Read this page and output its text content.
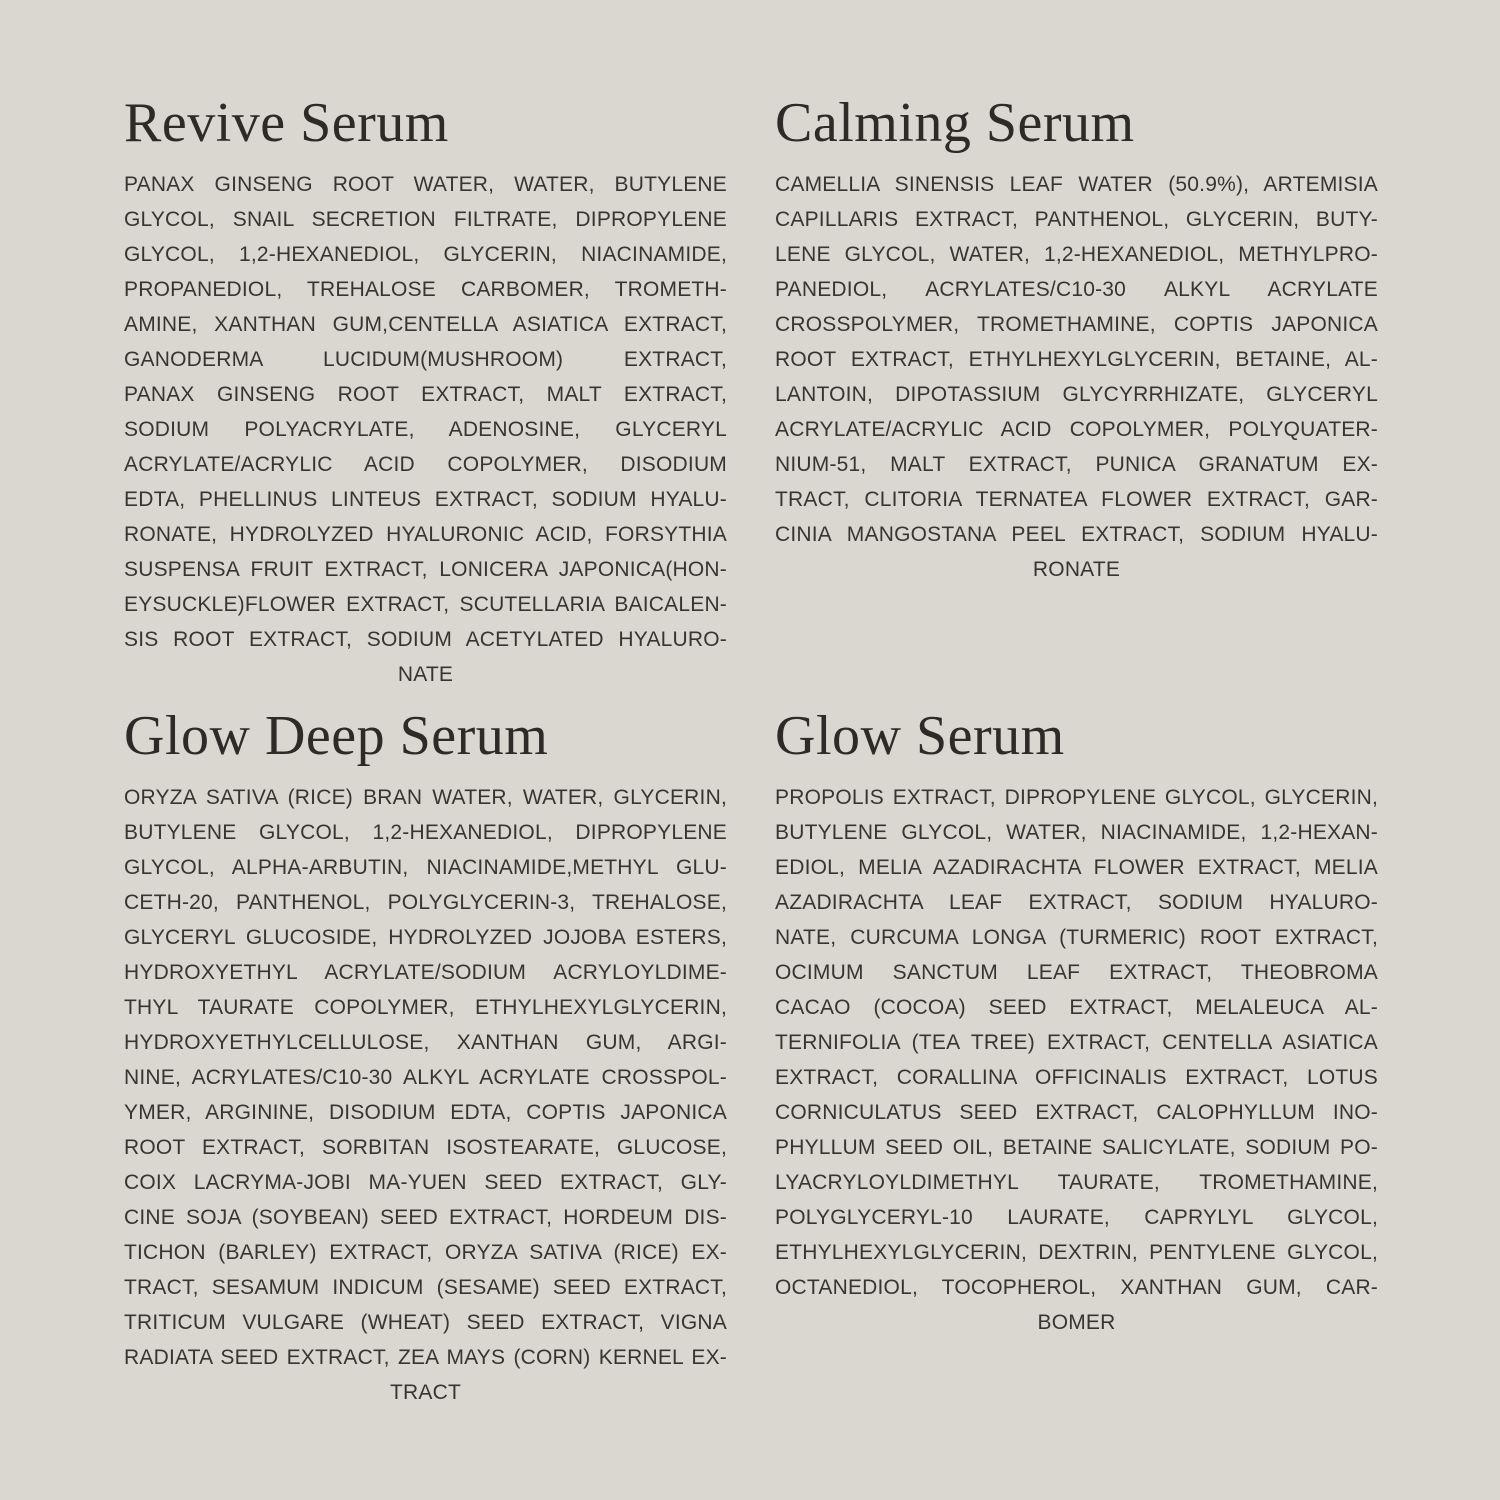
Revive Serum
PANAX GINSENG ROOT WATER, WATER, BUTYLENE
GLYCOL, SNAIL SECRETION FILTRATE, DIPROPYLENE
GLYCOL, 1,2-HEXANEDIOL, GLYCERIN, NIACINAMIDE,
PROPANEDIOL, TREHALOSE CARBOMER, TROMETH-
AMINE, XANTHAN GUM,CENTELLA ASIATICA EXTRACT,
GANODERMA LUCIDUM(MUSHROOM) EXTRACT,
PANAX GINSENG ROOT EXTRACT, MALT EXTRACT,
SODIUM POLYACRYLATE, ADENOSINE, GLYCERYL
ACRYLATE/ACRYLIC ACID COPOLYMER, DISODIUM
EDTA, PHELLINUS LINTEUS EXTRACT, SODIUM HYALU-
RONATE, HYDROLYZED HYALURONIC ACID, FORSYTHIA
SUSPENSA FRUIT EXTRACT, LONICERA JAPONICA(HON-
EYSUCKLE)FLOWER EXTRACT, SCUTELLARIA BAICALEN-
SIS ROOT EXTRACT, SODIUM ACETYLATED HYALURO-
NATE
Calming Serum
CAMELLIA SINENSIS LEAF WATER (50.9%), ARTEMISIA
CAPILLARIS EXTRACT, PANTHENOL, GLYCERIN, BUTY-
LENE GLYCOL, WATER, 1,2-HEXANEDIOL, METHYLPRO-
PANEDIOL, ACRYLATES/C10-30 ALKYL ACRYLATE
CROSSPOLYMER, TROMETHAMINE, COPTIS JAPONICA
ROOT EXTRACT, ETHYLHEXYLGLYCERIN, BETAINE, AL-
LANTOIN, DIPOTASSIUM GLYCYRRHIZATE, GLYCERYL
ACRYLATE/ACRYLIC ACID COPOLYMER, POLYQUATER-
NIUM-51, MALT EXTRACT, PUNICA GRANATUM EX-
TRACT, CLITORIA TERNATEA FLOWER EXTRACT, GAR-
CINIA MANGOSTANA PEEL EXTRACT, SODIUM HYALU-
RONATE
Glow Deep Serum
ORYZA SATIVA (RICE) BRAN WATER, WATER, GLYCERIN,
BUTYLENE GLYCOL, 1,2-HEXANEDIOL, DIPROPYLENE
GLYCOL, ALPHA-ARBUTIN, NIACINAMIDE,METHYL GLU-
CETH-20, PANTHENOL, POLYGLYCERIN-3, TREHALOSE,
GLYCERYL GLUCOSIDE, HYDROLYZED JOJOBA ESTERS,
HYDROXYETHYL ACRYLATE/SODIUM ACRYLOYLDIME-
THYL TAURATE COPOLYMER, ETHYLHEXYLGLYCERIN,
HYDROXYETHYLCELLULOSE, XANTHAN GUM, ARGI-
NINE, ACRYLATES/C10-30 ALKYL ACRYLATE CROSSPOL-
YMER, ARGININE, DISODIUM EDTA, COPTIS JAPONICA
ROOT EXTRACT, SORBITAN ISOSTEARATE, GLUCOSE,
COIX LACRYMA-JOBI MA-YUEN SEED EXTRACT, GLY-
CINE SOJA (SOYBEAN) SEED EXTRACT, HORDEUM DIS-
TICHON (BARLEY) EXTRACT, ORYZA SATIVA (RICE) EX-
TRACT, SESAMUM INDICUM (SESAME) SEED EXTRACT,
TRITICUM VULGARE (WHEAT) SEED EXTRACT, VIGNA
RADIATA SEED EXTRACT, ZEA MAYS (CORN) KERNEL EX-
TRACT
Glow Serum
PROPOLIS EXTRACT, DIPROPYLENE GLYCOL, GLYCERIN,
BUTYLENE GLYCOL, WATER, NIACINAMIDE, 1,2-HEXAN-
EDIOL, MELIA AZADIRACHTA FLOWER EXTRACT, MELIA
AZADIRACHTA LEAF EXTRACT, SODIUM HYALURO-
NATE, CURCUMA LONGA (TURMERIC) ROOT EXTRACT,
OCIMUM SANCTUM LEAF EXTRACT, THEOBROMA
CACAO (COCOA) SEED EXTRACT, MELALEUCA AL-
TERNIFOLIA (TEA TREE) EXTRACT, CENTELLA ASIATICA
EXTRACT, CORALLINA OFFICINALIS EXTRACT, LOTUS
CORNICULATUS SEED EXTRACT, CALOPHYLLUM INO-
PHYLLUM SEED OIL, BETAINE SALICYLATE, SODIUM PO-
LYACRYLOYLDIMETHYL TAURATE, TROMETHAMINE,
POLYGLYCERYL-10 LAURATE, CAPRYLYL GLYCOL,
ETHYLHEXYLGLYCERIN, DEXTRIN, PENTYLENE GLYCOL,
OCTANEDIOL, TOCOPHEROL, XANTHAN GUM, CAR-
BOMER
